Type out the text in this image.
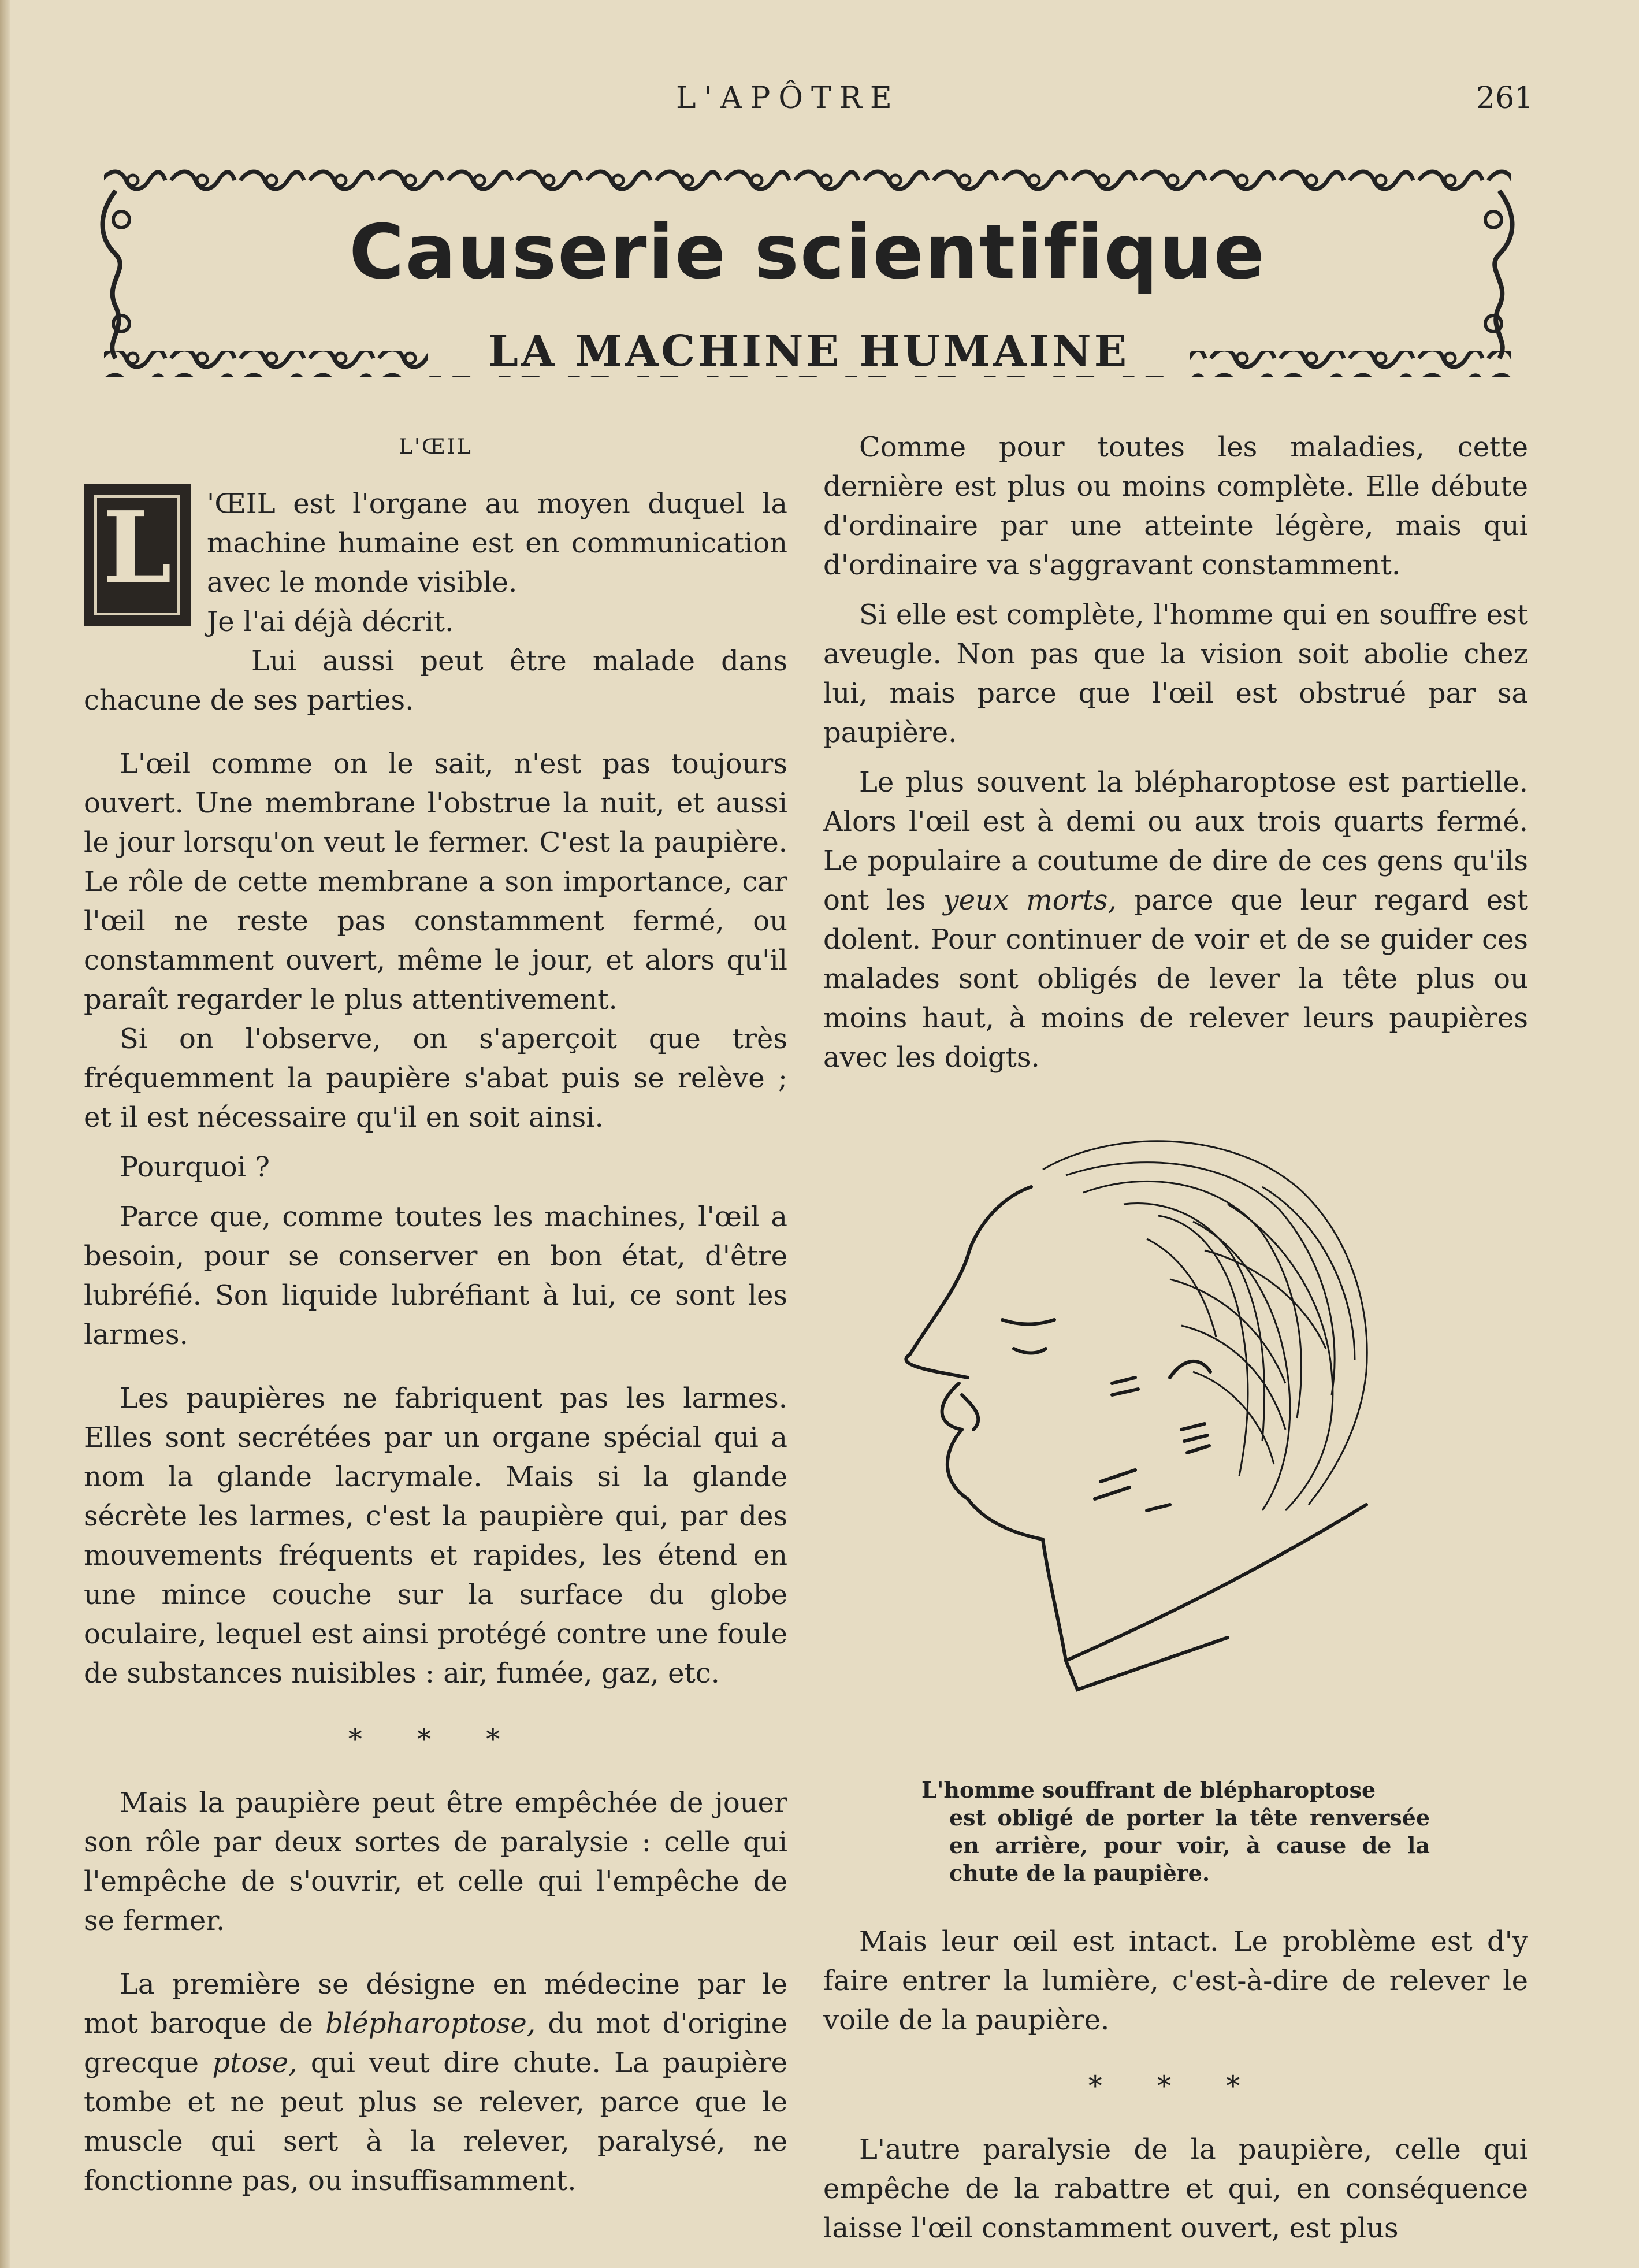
L'APÔTRE	261
Causerie scientifique
LA MACHINE HUMAINE
L'ŒIL
L	'ŒIL est l'organe au moyen duquel la machine humaine est en communication avec le monde visible.

Je l'ai déjà décrit.

Lui aussi peut être malade dans chacune de ses parties.

L'œil comme on le sait, n'est pas toujours ouvert. Une membrane l'obstrue la nuit, et aussi le jour lorsqu'on veut le fermer. C'est la paupière. Le rôle de cette membrane a son importance, car l'œil ne reste pas constamment fermé, ou constamment ouvert, même le jour, et alors qu'il paraît regarder le plus attentivement.

Si on l'observe, on s'aperçoit que très fréquemment la paupière s'abat puis se relève ; et il est nécessaire qu'il en soit ainsi.

Pourquoi ?

Parce que, comme toutes les machines, l'œil a besoin, pour se conserver en bon état, d'être lubréfié. Son liquide lubréfiant à lui, ce sont les larmes.

Les paupières ne fabriquent pas les larmes. Elles sont secrétées par un organe spécial qui a nom la glande lacrymale. Mais si la glande sécrète les larmes, c'est la paupière qui, par des mouvements fréquents et rapides, les étend en une mince couche sur la surface du globe oculaire, lequel est ainsi protégé contre une foule de substances nuisibles : air, fumée, gaz, etc.

* * *

Mais la paupière peut être empêchée de jouer son rôle par deux sortes de paralysie : celle qui l'empêche de s'ouvrir, et celle qui l'empêche de se fermer.

La première se désigne en médecine par le mot baroque de blépharoptose, du mot d'origine grecque ptose, qui veut dire chute. La paupière tombe et ne peut plus se relever, parce que le muscle qui sert à la relever, paralysé, ne fonctionne pas, ou insuffisamment.

Comme pour toutes les maladies, cette dernière est plus ou moins complète. Elle débute d'ordinaire par une atteinte légère, mais qui d'ordinaire va s'aggravant constamment.

Si elle est complète, l'homme qui en souffre est aveugle. Non pas que la vision soit abolie chez lui, mais parce que l'œil est obstrué par sa paupière.

Le plus souvent la blépharoptose est partielle. Alors l'œil est à demi ou aux trois quarts fermé. Le populaire a coutume de dire de ces gens qu'ils ont les yeux morts, parce que leur regard est dolent. Pour continuer de voir et de se guider ces malades sont obligés de lever la tête plus ou moins haut, à moins de relever leurs paupières avec les doigts.

L'homme souffrant de blépharoptose
est obligé de porter la tête renversée en arrière, pour voir, à cause de la chute de la paupière.

Mais leur œil est intact. Le problème est d'y faire entrer la lumière, c'est-à-dire de relever le voile de la paupière.

* * *

L'autre paralysie de la paupière, celle qui empêche de la rabattre et qui, en conséquence laisse l'œil constamment ouvert, est plus
